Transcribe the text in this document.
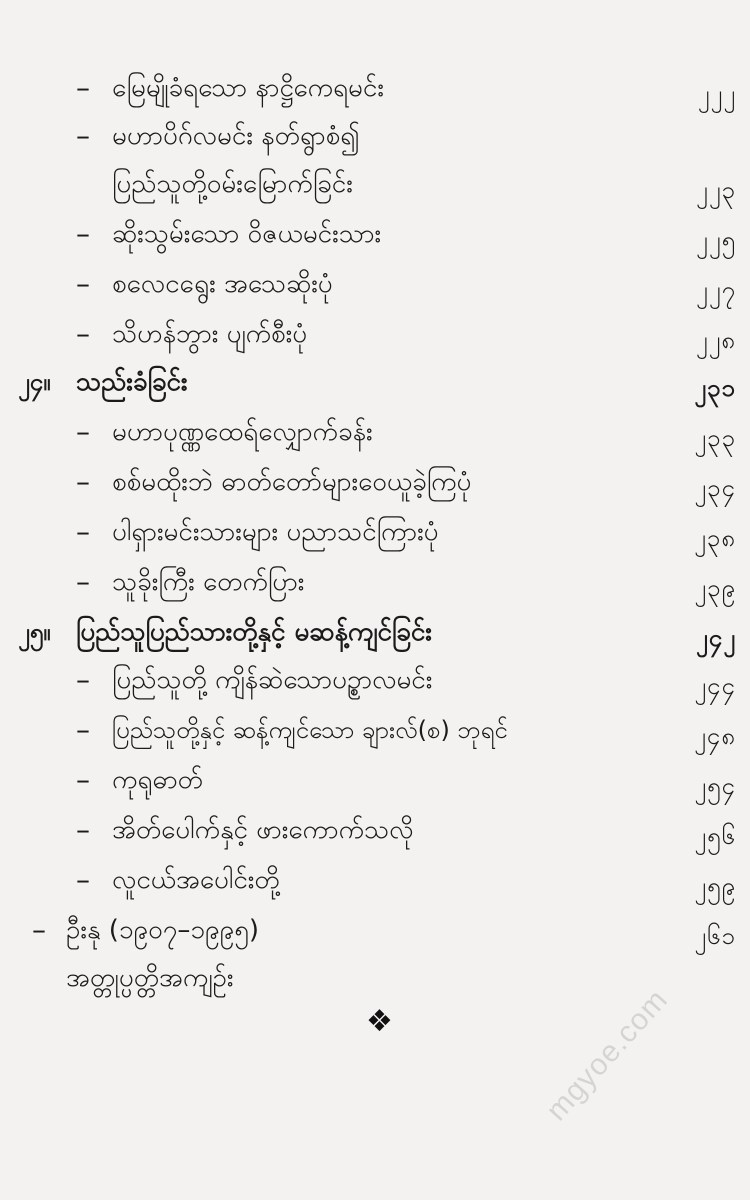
– မြေမျိုခံရသော နာဋ္ဌိကေရမင်း	၂၂၂
– မဟာပိဂ်လမင်း နတ်ရွာစံ၍
ပြည်သူတို့ဝမ်းမြောက်ခြင်း	၂၂၃
– ဆိုးသွမ်းသော ဝိဇယမင်းသား	၂၂၅
– စလေငရွေး အသေဆိုးပုံ	၂၂၇
– သိဟန်ဘွား ပျက်စီးပုံ	၂၂၈
၂၄။ သည်းခံခြင်း	၂၃၁
– မဟာပုဏ္ဏထေရ်လျှောက်ခန်း	၂၃၃
– စစ်မထိုးဘဲ ဓာတ်တော်များဝေယူခဲ့ကြပုံ	၂၃၄
– ပါရှားမင်းသားများ ပညာသင်ကြားပုံ	၂၃၈
– သူခိုးကြီး တေက်ပြား	၂၃၉
၂၅။ ပြည်သူပြည်သားတို့နှင့် မဆန့်ကျင်ခြင်း	၂၄၂
– ပြည်သူတို့ ကျိန်ဆဲသောပဥ္စာလမင်း	၂၄၄
– ပြည်သူတို့နှင့် ဆန့်ကျင်သော ချားလ်(စ) ဘုရင်	၂၄၈
– ကုရုဓာတ်	၂၅၄
– အိတ်ပေါက်နှင့် ဖားကောက်သလို	၂၅၆
– လူငယ်အပေါင်းတို့	၂၅၉
– ဦးနု (၁၉၀၇–၁၉၉၅)	၂၆၁
အတ္တုပ္ပတ္တိအကျဉ်း
❖	mgyoe.com
